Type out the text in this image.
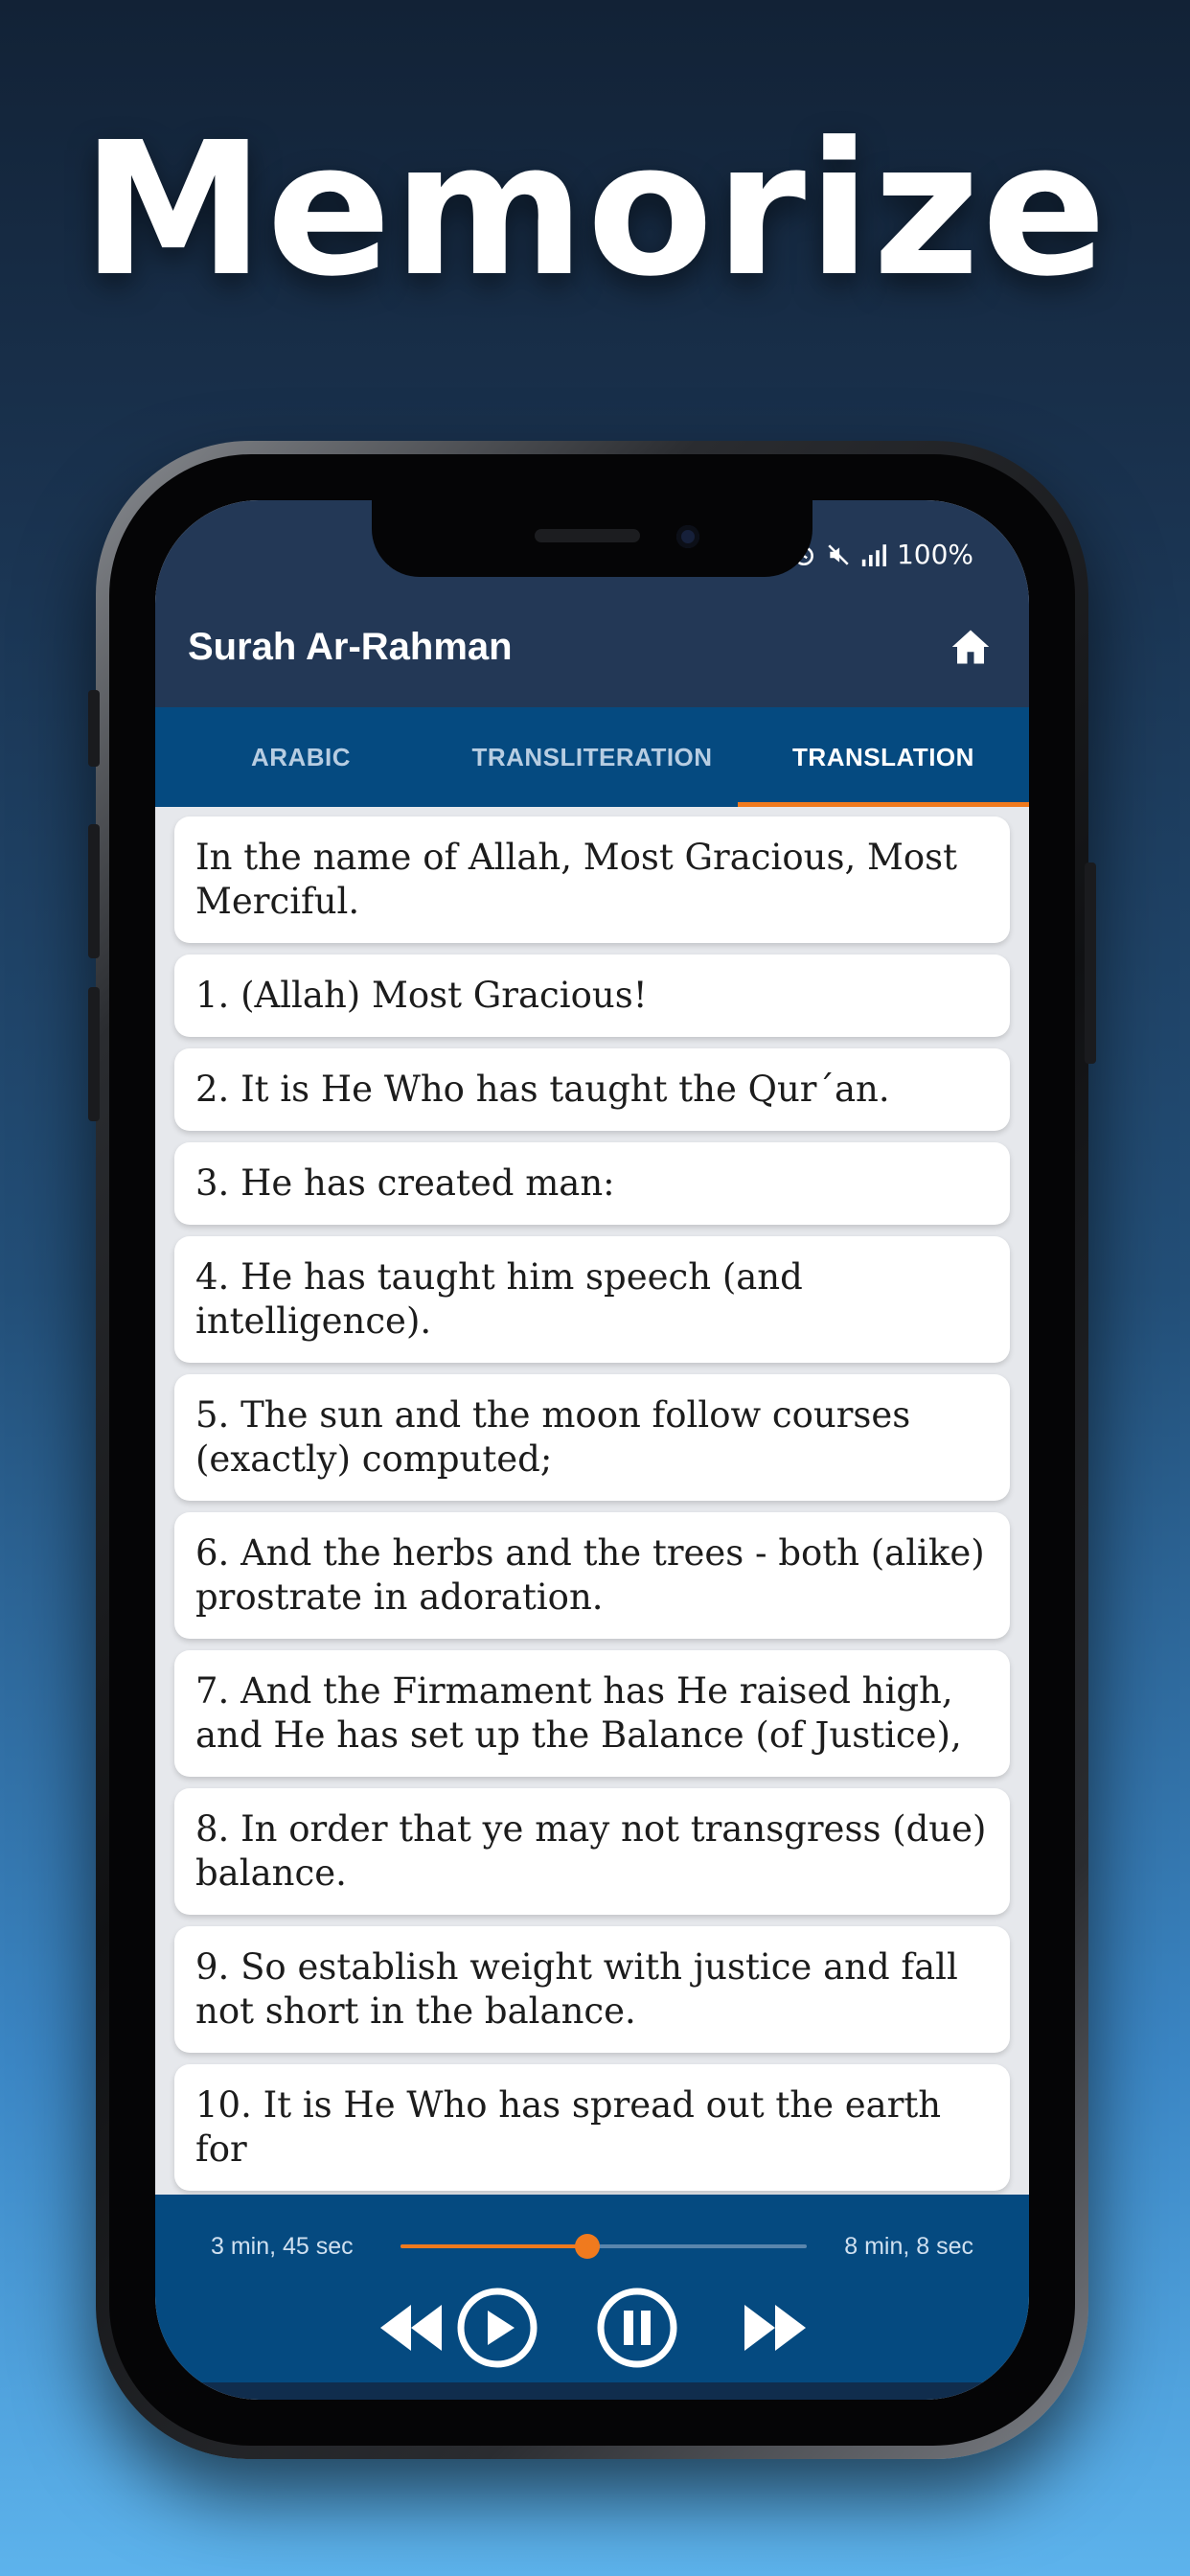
Memorize
100%
Surah Ar-Rahman
ARABIC	TRANSLITERATION	TRANSLATION
In the name of Allah, Most Gracious, Most Merciful.
1. (Allah) Most Gracious!
2. It is He Who has taught the Qur´an.
3. He has created man:
4. He has taught him speech (and intelligence).
5. The sun and the moon follow courses (exactly) computed;
6. And the herbs and the trees - both (alike) prostrate in adoration.
7. And the Firmament has He raised high, and He has set up the Balance (of Justice),
8. In order that ye may not transgress (due) balance.
9. So establish weight with justice and fall not short in the balance.
10. It is He Who has spread out the earth for
3 min, 45 sec	8 min, 8 sec
